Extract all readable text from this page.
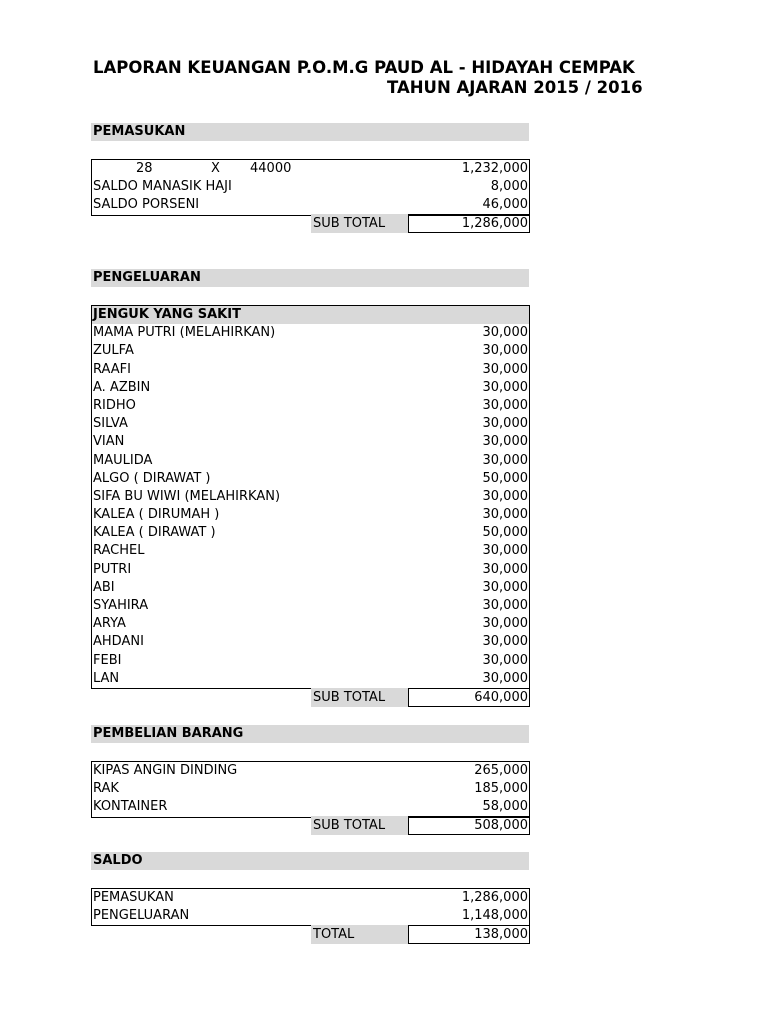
LAPORAN KEUANGAN P.O.M.G PAUD AL - HIDAYAH CEMPAK
TAHUN AJARAN 2015 / 2016
PEMASUKAN
28	X 44000	1,232,000
SALDO MANASIK HAJI	8,000
SALDO PORSENI	46,000
SUB TOTAL	1,286,000
PENGELUARAN
JENGUK YANG SAKIT
MAMA PUTRI (MELAHIRKAN)	30,000
ZULFA	30,000
RAAFI	30,000
A. AZBIN	30,000
RIDHO	30,000
SILVA	30,000
VIAN	30,000
MAULIDA	30,000
ALGO ( DIRAWAT )	50,000
SIFA BU WIWI (MELAHIRKAN)	30,000
KALEA ( DIRUMAH )	30,000
KALEA ( DIRAWAT )	50,000
RACHEL	30,000
PUTRI	30,000
ABI	30,000
SYAHIRA	30,000
ARYA	30,000
AHDANI	30,000
FEBI	30,000
LAN	30,000
SUB TOTAL	640,000
PEMBELIAN BARANG
KIPAS ANGIN DINDING	265,000
RAK	185,000
KONTAINER	58,000
SUB TOTAL	508,000
SALDO
PEMASUKAN	1,286,000
PENGELUARAN	1,148,000
TOTAL	138,000
